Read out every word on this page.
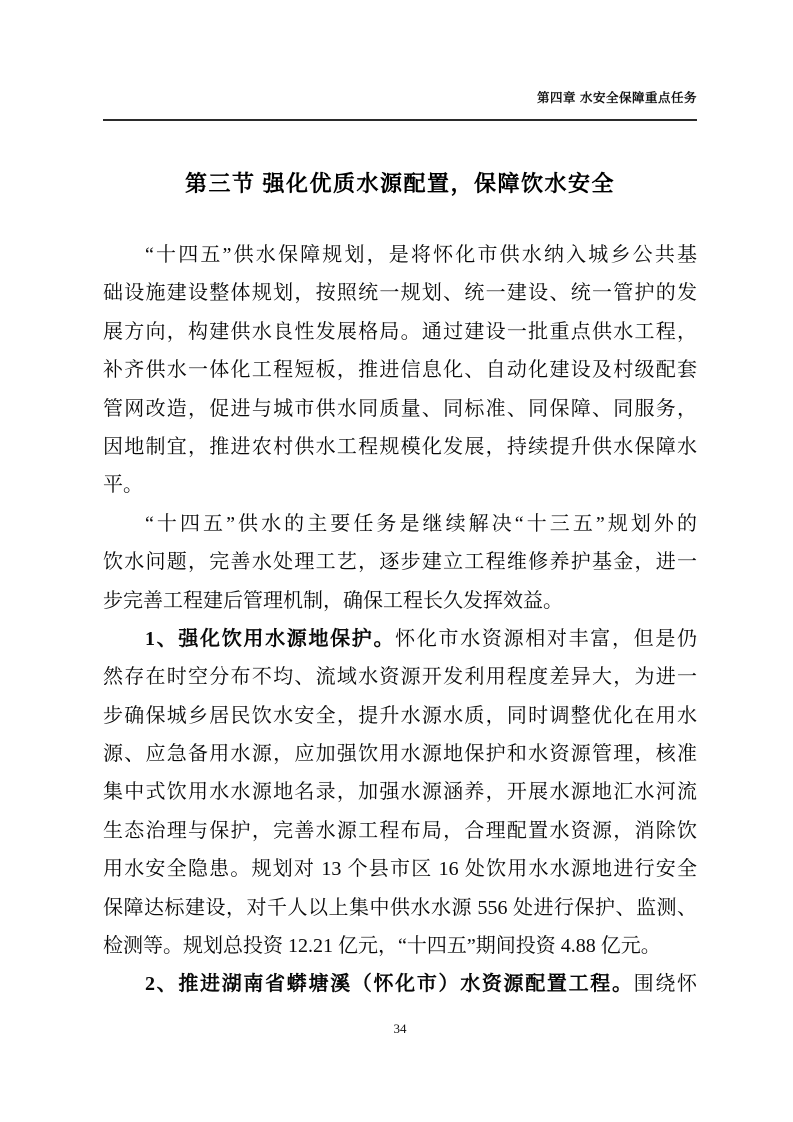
第四章 水安全保障重点任务
第三节 强化优质水源配置，保障饮水安全
“十四五”供水保障规划，是将怀化市供水纳入城乡公共基
础设施建设整体规划，按照统一规划、统一建设、统一管护的发
展方向，构建供水良性发展格局。通过建设一批重点供水工程，
补齐供水一体化工程短板，推进信息化、自动化建设及村级配套
管网改造，促进与城市供水同质量、同标准、同保障、同服务，
因地制宜，推进农村供水工程规模化发展，持续提升供水保障水
平。
“十四五”供水的主要任务是继续解决“十三五”规划外的
饮水问题，完善水处理工艺，逐步建立工程维修养护基金，进一
步完善工程建后管理机制，确保工程长久发挥效益。
1、强化饮用水源地保护。怀化市水资源相对丰富，但是仍
然存在时空分布不均、流域水资源开发利用程度差异大，为进一
步确保城乡居民饮水安全，提升水源水质，同时调整优化在用水
源、应急备用水源，应加强饮用水源地保护和水资源管理，核准
集中式饮用水水源地名录，加强水源涵养，开展水源地汇水河流
生态治理与保护，完善水源工程布局，合理配置水资源，消除饮
用水安全隐患。规划对 13 个县市区 16 处饮用水水源地进行安全
保障达标建设，对千人以上集中供水水源 556 处进行保护、监测、
检测等。规划总投资 12.21 亿元，“十四五”期间投资 4.88 亿元。
2、推进湖南省蟒塘溪（怀化市）水资源配置工程。围绕怀
34
